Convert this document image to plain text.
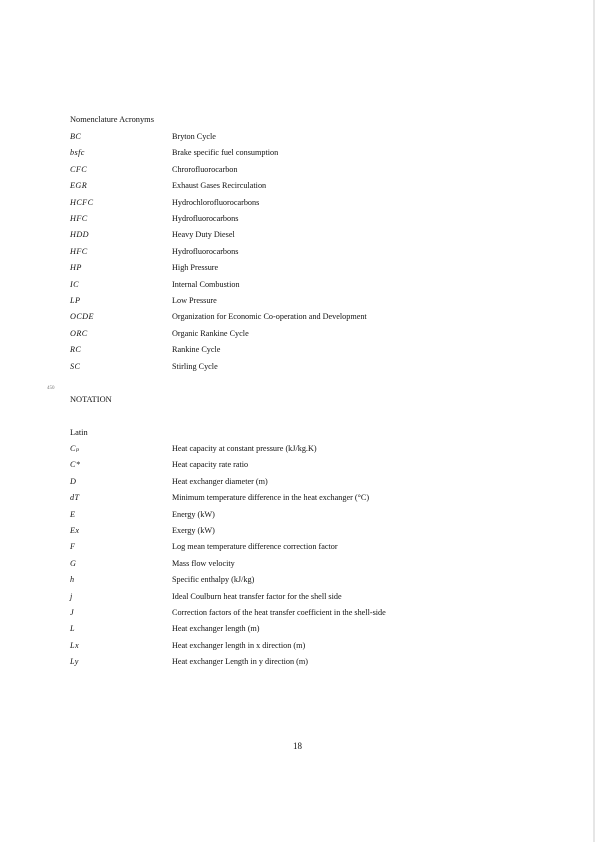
Nomenclature Acronyms
BC	Bryton Cycle
bsfc	Brake specific fuel consumption
CFC	Chrorofluorocarbon
EGR	Exhaust Gases Recirculation
HCFC	Hydrochlorofluorocarbons
HFC	Hydrofluorocarbons
HDD	Heavy Duty Diesel
HFC	Hydrofluorocarbons
HP	High Pressure
IC	Internal Combustion
LP	Low Pressure
OCDE	Organization for Economic Co-operation and Development
ORC	Organic Rankine Cycle
RC	Rankine Cycle
SC	Stirling Cycle
450
NOTATION
Latin
Cₚ	Heat capacity at constant pressure (kJ/kg.K)
C*	Heat capacity rate ratio
D	Heat exchanger diameter (m)
dT	Minimum temperature difference in the heat exchanger (°C)
E	Energy (kW)
Ex	Exergy (kW)
F	Log mean temperature difference correction factor
G	Mass flow velocity
h	Specific enthalpy (kJ/kg)
j	Ideal Coulburn heat transfer factor for the shell side
J	Correction factors of the heat transfer coefficient in the shell-side
L	Heat exchanger length (m)
Lx	Heat exchanger length in x direction (m)
Ly	Heat exchanger Length in y direction (m)
18
